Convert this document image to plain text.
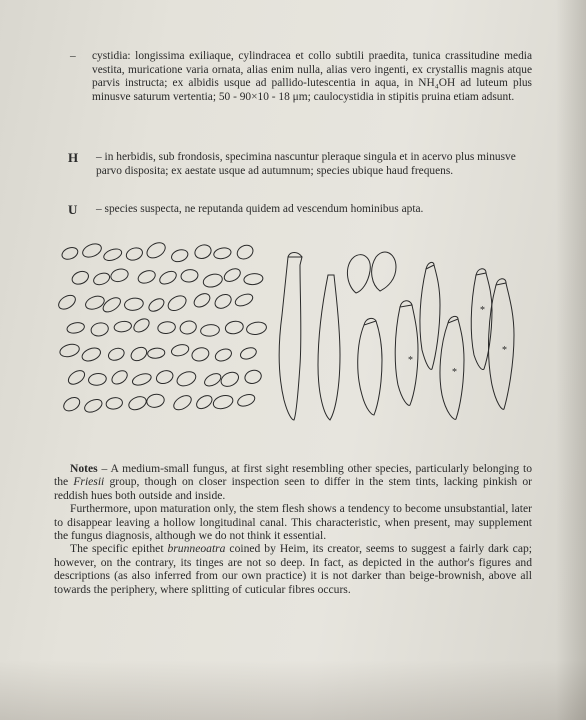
– cystidia: longissima exiliaque, cylindracea et collo subtili praedita, tunica crassitudine media vestita, muricatione varia ornata, alias enim nulla, alias vero ingenti, ex crystallis magnis atque parvis instructa; ex albidis usque ad pallido-lutescentia in aqua, in NH₄OH ad luteum plus minusve saturum vertentia; 50 - 90×10 - 18 μm; caulocystidia in stipitis pruina etiam adsunt.
H – in herbidis, sub frondosis, specimina nascuntur pleraque singula et in acervo plus minusve parvo disposita; ex aestate usque ad autumnum; species ubique haud frequens.
U – species suspecta, ne reputanda quidem ad vescendum hominibus apta.
*
*
*
*

Notes – A medium-small fungus, at first sight resembling other species, particularly belonging to the Friesii group, though on closer inspection seen to differ in the stem tints, lacking pinkish or reddish hues both outside and inside.

Furthermore, upon maturation only, the stem flesh shows a tendency to become unsubstantial, later to disappear leaving a hollow longitudinal canal. This characteristic, when present, may supplement the fungus diagnosis, although we do not think it essential.

The specific epithet brunneoatra coined by Heim, its creator, seems to suggest a fairly dark cap; however, on the contrary, its tinges are not so deep. In fact, as depicted in the author's figures and descriptions (as also inferred from our own practice) it is not darker than beige-brownish, above all towards the periphery, where splitting of cuticular fibres occurs.
